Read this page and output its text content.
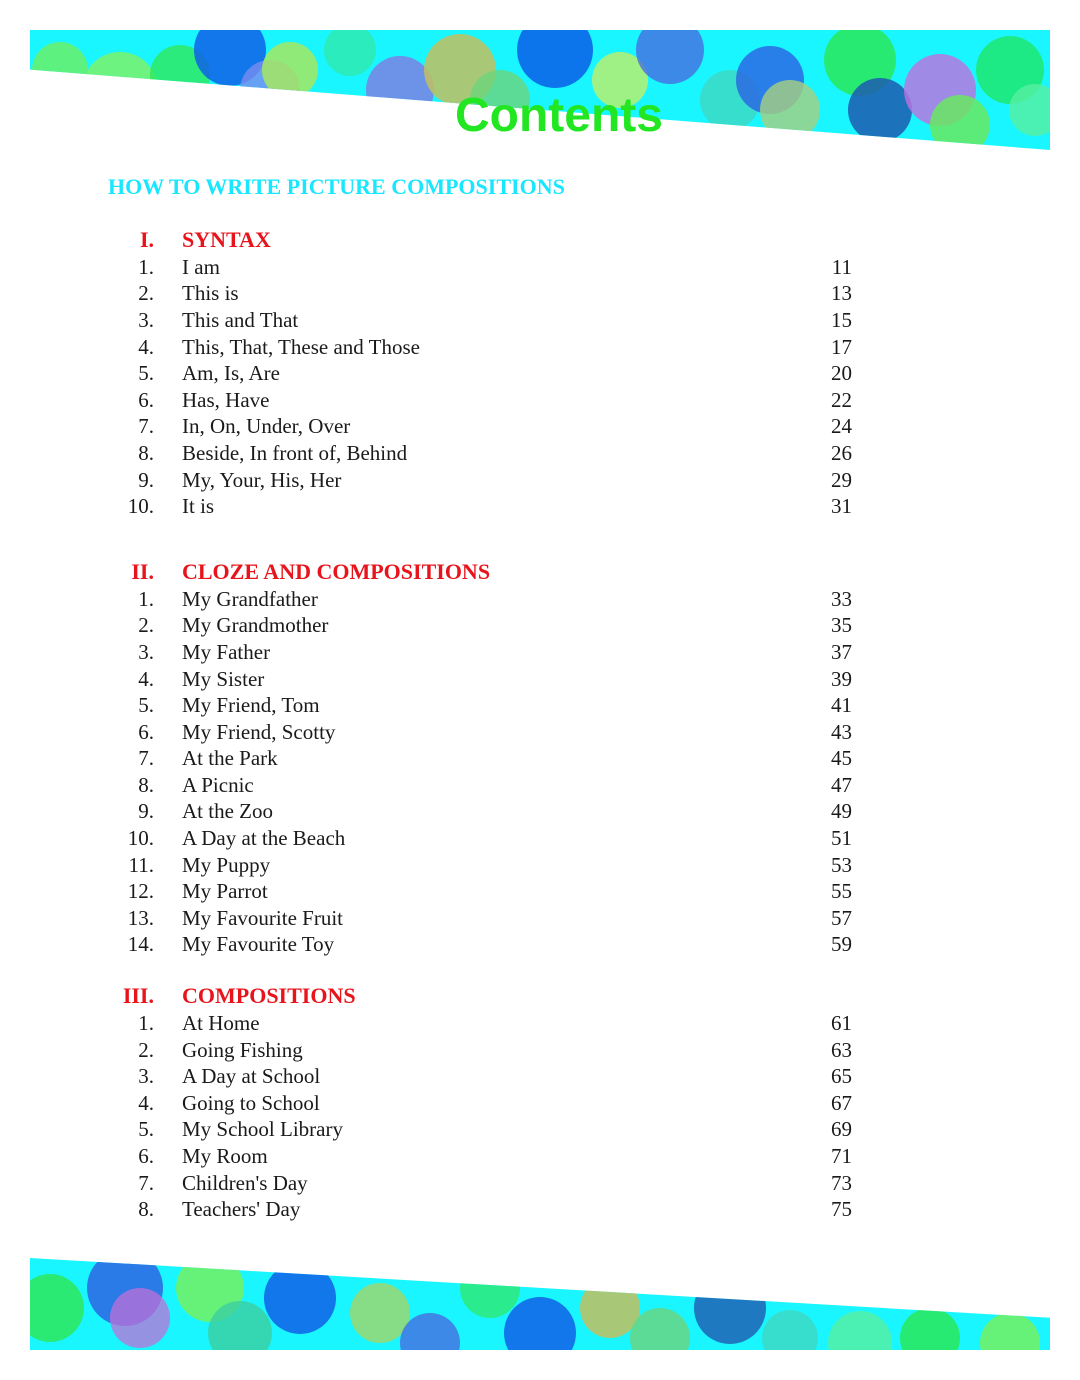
Contents
HOW TO WRITE PICTURE COMPOSITIONS
I. SYNTAX
1. I am	11
2. This is	13
3. This and That	15
4. This, That, These and Those	17
5. Am, Is, Are	20
6. Has, Have	22
7. In, On, Under, Over	24
8. Beside, In front of, Behind	26
9. My, Your, His, Her	29
10. It is	31
II. CLOZE AND COMPOSITIONS
1. My Grandfather	33
2. My Grandmother	35
3. My Father	37
4. My Sister	39
5. My Friend, Tom	41
6. My Friend, Scotty	43
7. At the Park	45
8. A Picnic	47
9. At the Zoo	49
10. A Day at the Beach	51
11. My Puppy	53
12. My Parrot	55
13. My Favourite Fruit	57
14. My Favourite Toy	59
III. COMPOSITIONS
1. At Home	61
2. Going Fishing	63
3. A Day at School	65
4. Going to School	67
5. My School Library	69
6. My Room	71
7. Children's Day	73
8. Teachers' Day	75
